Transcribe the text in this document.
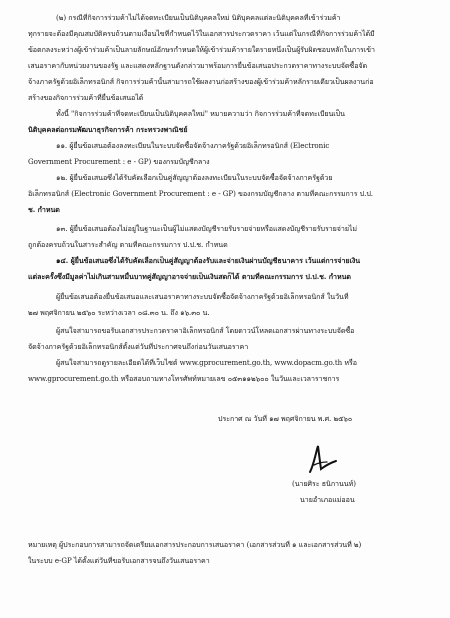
(๒) กรณีที่กิจการร่วมค้าไม่ได้จดทะเบียนเป็นนิติบุคคลใหม่ นิติบุคคลแต่ละนิติบุคคลที่เข้าร่วมค้า
ทุกรายจะต้องมีคุณสมบัติครบถ้วนตามเงื่อนไขที่กำหนดไว้ในเอกสารประกวดราคา เว้นแต่ในกรณีที่กิจการร่วมค้าได้มี
ข้อตกลงระหว่างผู้เข้าร่วมค้าเป็นลายลักษณ์อักษรกำหนดให้ผู้เข้าร่วมค้ารายใดรายหนึ่งเป็นผู้รับผิดชอบหลักในการเข้า
เสนอราคากับหน่วยงานของรัฐ และแสดงหลักฐานดังกล่าวมาพร้อมการยื่นข้อเสนอประกวดราคาทางระบบจัดซื้อจัด
จ้างภาครัฐด้วยอิเล็กทรอนิกส์ กิจการร่วมค้านั้นสามารถใช้ผลงานก่อสร้างของผู้เข้าร่วมค้าหลักรายเดียวเป็นผลงานก่อ
สร้างของกิจการร่วมค้าที่ยื่นข้อเสนอได้
ทั้งนี้ "กิจการร่วมค้าที่จดทะเบียนเป็นนิติบุคคลใหม่" หมายความว่า กิจการร่วมค้าที่จดทะเบียนเป็น
นิติบุคคลต่อกรมพัฒนาธุรกิจการค้า กระทรวงพาณิชย์
๑๑. ผู้ยื่นข้อเสนอต้องลงทะเบียนในระบบจัดซื้อจัดจ้างภาครัฐด้วยอิเล็กทรอนิกส์ (Electronic
Government Procurement : e - GP) ของกรมบัญชีกลาง
๑๒. ผู้ยื่นข้อเสนอซึ่งได้รับคัดเลือกเป็นคู่สัญญาต้องลงทะเบียนในระบบจัดซื้อจัดจ้างภาครัฐด้วย
อิเล็กทรอนิกส์ (Electronic Government Procurement : e - GP) ของกรมบัญชีกลาง ตามที่คณะกรรมการ ป.ป.
ช. กำหนด
๑๓. ผู้ยื่นข้อเสนอต้องไม่อยู่ในฐานะเป็นผู้ไม่แสดงบัญชีรายรับรายจ่ายหรือแสดงบัญชีรายรับรายจ่ายไม่
ถูกต้องครบถ้วนในสาระสำคัญ ตามที่คณะกรรมการ ป.ป.ช. กำหนด
๑๔. ผู้ยื่นข้อเสนอซึ่งได้รับคัดเลือกเป็นคู่สัญญาต้องรับและจ่ายเงินผ่านบัญชีธนาคาร เว้นแต่การจ่ายเงิน
แต่ละครั้งซึ่งมีมูลค่าไม่เกินสามหมื่นบาทคู่สัญญาอาจจ่ายเป็นเงินสดก็ได้ ตามที่คณะกรรมการ ป.ป.ช. กำหนด
ผู้ยื่นข้อเสนอต้องยื่นข้อเสนอและเสนอราคาทางระบบจัดซื้อจัดจ้างภาครัฐด้วยอิเล็กทรอนิกส์ ในวันที่
๒๗ พฤศจิกายน ๒๕๖๐ ระหว่างเวลา ๐๘.๓๐ น. ถึง ๑๖.๓๐ น.
ผู้สนใจสามารถขอรับเอกสารประกวดราคาอิเล็กทรอนิกส์ โดยดาวน์โหลดเอกสารผ่านทางระบบจัดซื้อ
จัดจ้างภาครัฐด้วยอิเล็กทรอนิกส์ตั้งแต่วันที่ประกาศจนถึงก่อนวันเสนอราคา
ผู้สนใจสามารถดูรายละเอียดได้ที่เว็บไซต์ www.gprocurement.go.th, www.dopacm.go.th หรือ
www.gprocurement.go.th หรือสอบถามทางโทรศัพท์หมายเลข ๐๕๓๑๑๒๖๐๐ ในวันและเวลาราชการ
ประกาศ ณ วันที่ ๑๗ พฤศจิกายน พ.ศ. ๒๕๖๐
(นายศิระ ธนิกานนท์)
นายอำเภอแม่ออน
หมายเหตุ ผู้ประกอบการสามารถจัดเตรียมเอกสารประกอบการเสนอราคา (เอกสารส่วนที่ ๑ และเอกสารส่วนที่ ๒)
ในระบบ e-GP ได้ตั้งแต่วันที่ขอรับเอกสารจนถึงวันเสนอราคา
